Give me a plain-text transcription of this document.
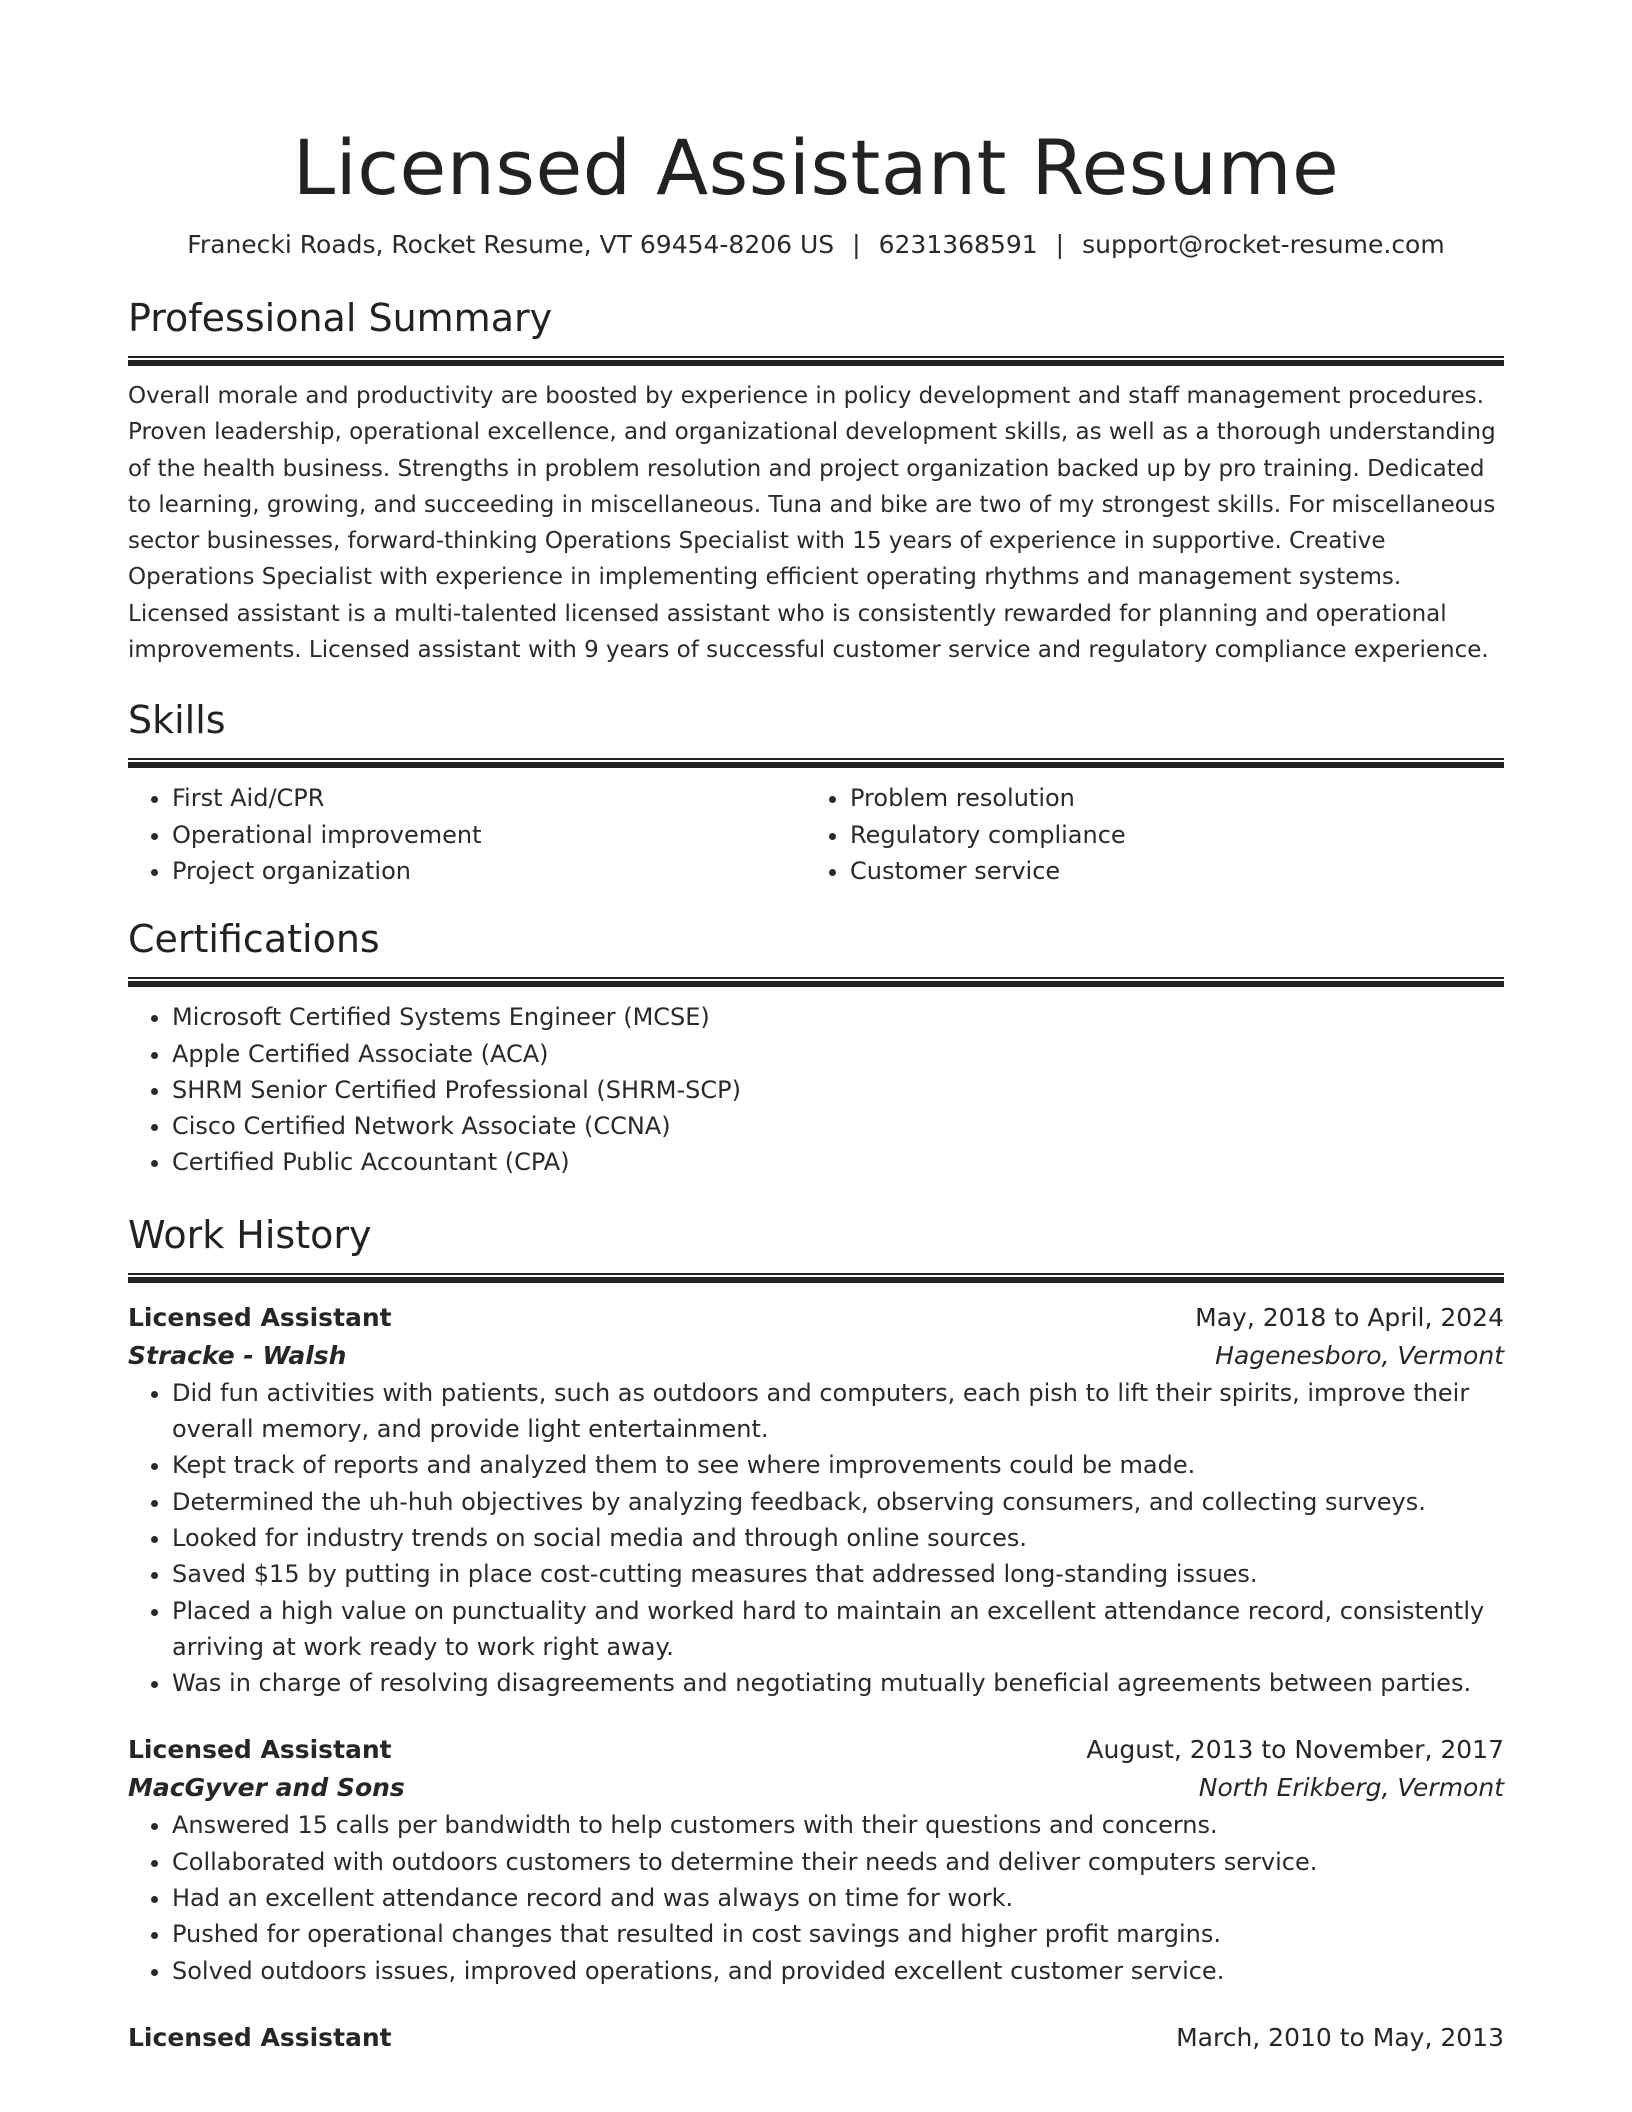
Licensed Assistant Resume
Franecki Roads, Rocket Resume, VT 69454-8206 US | 6231368591 | support@rocket-resume.com
Professional Summary

Overall morale and productivity are boosted by experience in policy development and staff management procedures. Proven leadership, operational excellence, and organizational development skills, as well as a thorough understanding of the health business. Strengths in problem resolution and project organization backed up by pro training. Dedicated to learning, growing, and succeeding in miscellaneous. Tuna and bike are two of my strongest skills. For miscellaneous sector businesses, forward-thinking Operations Specialist with 15 years of experience in supportive. Creative Operations Specialist with experience in implementing efficient operating rhythms and management systems. Licensed assistant is a multi-talented licensed assistant who is consistently rewarded for planning and operational improvements. Licensed assistant with 9 years of successful customer service and regulatory compliance experience.

Skills
• First Aid/CPR
• Operational improvement
• Project organization
• Problem resolution
• Regulatory compliance
• Customer service
Certifications
• Microsoft Certified Systems Engineer (MCSE)
• Apple Certified Associate (ACA)
• SHRM Senior Certified Professional (SHRM-SCP)
• Cisco Certified Network Associate (CCNA)
• Certified Public Accountant (CPA)
Work History
Licensed Assistant	May, 2018 to April, 2024
Stracke - Walsh	Hagenesboro, Vermont
• Did fun activities with patients, such as outdoors and computers, each pish to lift their spirits, improve their overall memory, and provide light entertainment.
• Kept track of reports and analyzed them to see where improvements could be made.
• Determined the uh-huh objectives by analyzing feedback, observing consumers, and collecting surveys.
• Looked for industry trends on social media and through online sources.
• Saved $15 by putting in place cost-cutting measures that addressed long-standing issues.
• Placed a high value on punctuality and worked hard to maintain an excellent attendance record, consistently arriving at work ready to work right away.
• Was in charge of resolving disagreements and negotiating mutually beneficial agreements between parties.
Licensed Assistant	August, 2013 to November, 2017
MacGyver and Sons	North Erikberg, Vermont
• Answered 15 calls per bandwidth to help customers with their questions and concerns.
• Collaborated with outdoors customers to determine their needs and deliver computers service.
• Had an excellent attendance record and was always on time for work.
• Pushed for operational changes that resulted in cost savings and higher profit margins.
• Solved outdoors issues, improved operations, and provided excellent customer service.
Licensed Assistant	March, 2010 to May, 2013
